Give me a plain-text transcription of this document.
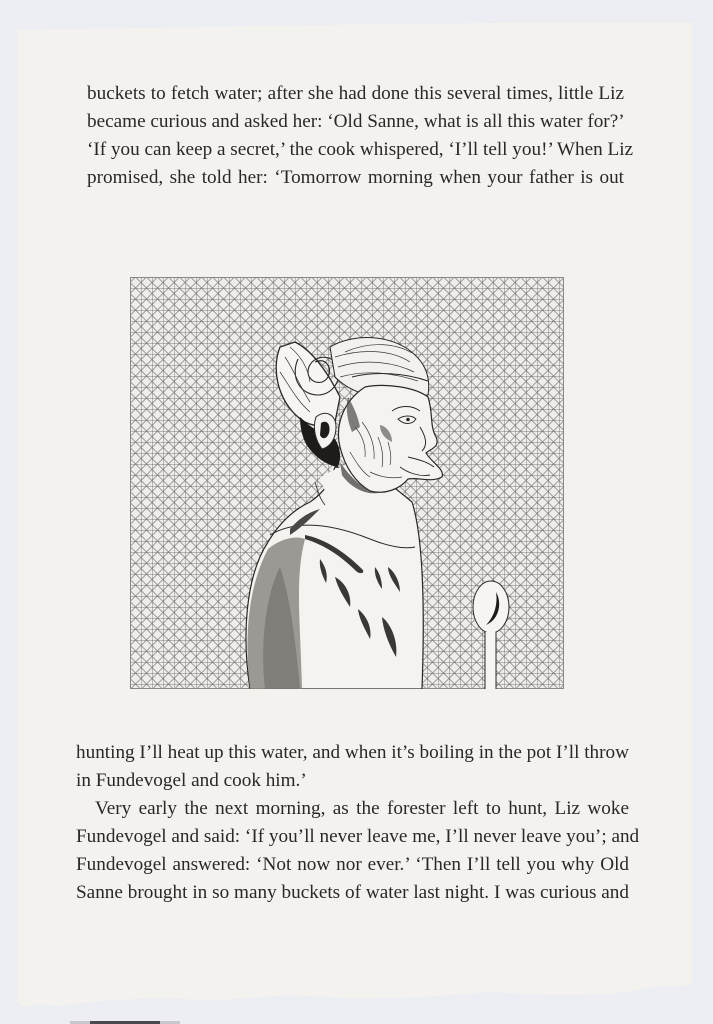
buckets to fetch water; after she had done this several times, little Liz
became curious and asked her: ‘Old Sanne, what is all this water for?’
‘If you can keep a secret,’ the cook whispered, ‘I’ll tell you!’ When Liz
promised, she told her: ‘Tomorrow morning when your father is out
hunting I’ll heat up this water, and when it’s boiling in the pot I’ll throw
in Fundevogel and cook him.’
Very early the next morning, as the forester left to hunt, Liz woke
Fundevogel and said: ‘If you’ll never leave me, I’ll never leave you’; and
Fundevogel answered: ‘Not now nor ever.’ ‘Then I’ll tell you why Old
Sanne brought in so many buckets of water last night. I was curious and
